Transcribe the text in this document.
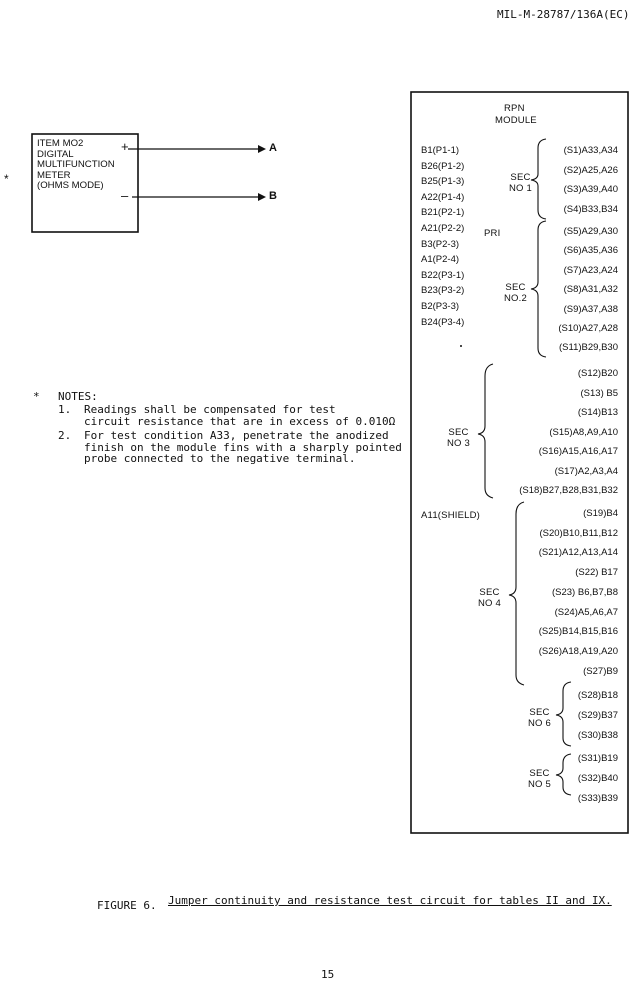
MIL-M-28787/136A(EC)
ITEM MO2
DIGITAL
MULTIFUNCTION
METER
(OHMS MODE)
+
–
*
A
B
RPN
MODULE
B1(P1-1)
B26(P1-2)
B25(P1-3)
A22(P1-4)
B21(P2-1)
A21(P2-2)
B3(P2-3)
A1(P2-4)
B22(P3-1)
B23(P3-2)
B2(P3-3)
B24(P3-4)
PRI
A11(SHIELD)
SEC
NO 1
SEC
NO.2
SEC
NO 3
SEC
NO 4
SEC
NO 6
SEC
NO 5
(S1)A33,A34
(S2)A25,A26
(S3)A39,A40
(S4)B33,B34
(S5)A29,A30
(S6)A35,A36
(S7)A23,A24
(S8)A31,A32
(S9)A37,A38
(S10)A27,A28
(S11)B29,B30
(S12)B20
(S13) B5
(S14)B13
(S15)A8,A9,A10
(S16)A15,A16,A17
(S17)A2,A3,A4
(S18)B27,B28,B31,B32
(S19)B4
(S20)B10,B11,B12
(S21)A12,A13,A14
(S22) B17
(S23) B6,B7,B8
(S24)A5,A6,A7
(S25)B14,B15,B16
(S26)A18,A19,A20
(S27)B9
(S28)B18
(S29)B37
(S30)B38
(S31)B19
(S32)B40
(S33)B39
* NOTES:
1.	Readings shall be compensated for test
circuit resistance that are in excess of 0.010Ω
2.	For test condition A33, penetrate the anodized
finish on the module fins with a sharply pointed
probe connected to the negative terminal.
FIGURE 6. Jumper continuity and resistance test circuit for tables II and IX.
15
